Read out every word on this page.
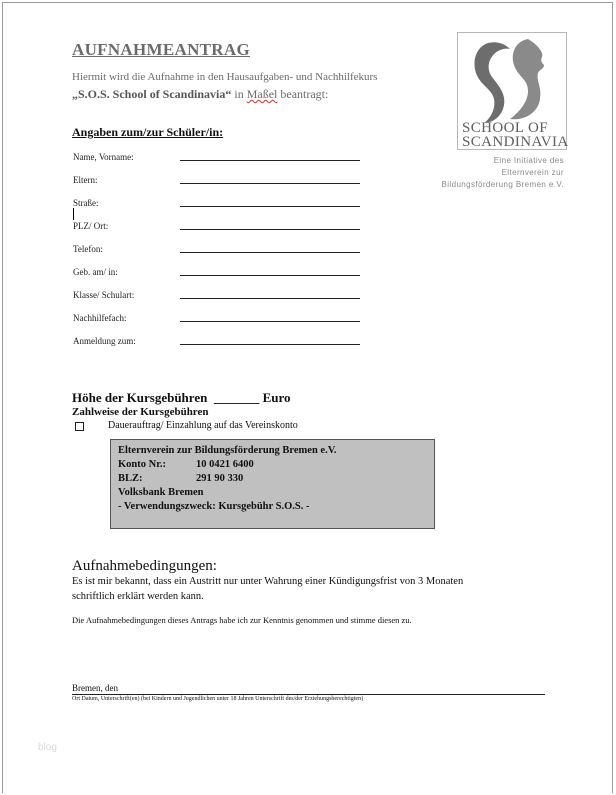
AUFNAHMEANTRAG
Hiermit wird die Aufnahme in den Hausaufgaben- und Nachhilfekurs
„S.O.S. School of Scandinavia“ in Maßel beantragt:
SCHOOL OF
SCANDINAVIA
Eine Initiative des
Elternverein zur
Bildungsförderung Bremen e.V.
Angaben zum/zur Schüler/in:
Name, Vorname:
Eltern:
Straße:
PLZ/ Ort:
Telefon:
Geb. am/ in:
Klasse/ Schulart:
Nachhilfefach:
Anmeldung zum:
Höhe der Kursgebühren _______ Euro
Zahlweise der Kursgebühren
Dauerauftrag/ Einzahlung auf das Vereinskonto
Elternverein zur Bildungsförderung Bremen e.V.
Konto Nr.:	10 0421 6400
BLZ:	291 90 330
Volksbank Bremen
- Verwendungszweck: Kursgebühr S.O.S. -
Aufnahmebedingungen:
Es ist mir bekannt, dass ein Austritt nur unter Wahrung einer Kündigungsfrist von 3 Monaten
schriftlich erklärt werden kann.
Die Aufnahmebedingungen dieses Antrags habe ich zur Kenntnis genommen und stimme diesen zu.
Bremen, den
Ort Datum, Unterschrift(en) (bei Kindern und Jugendlichen unter 18 Jahren Unterschrift des/der Erziehungsberechtigten)
blog
